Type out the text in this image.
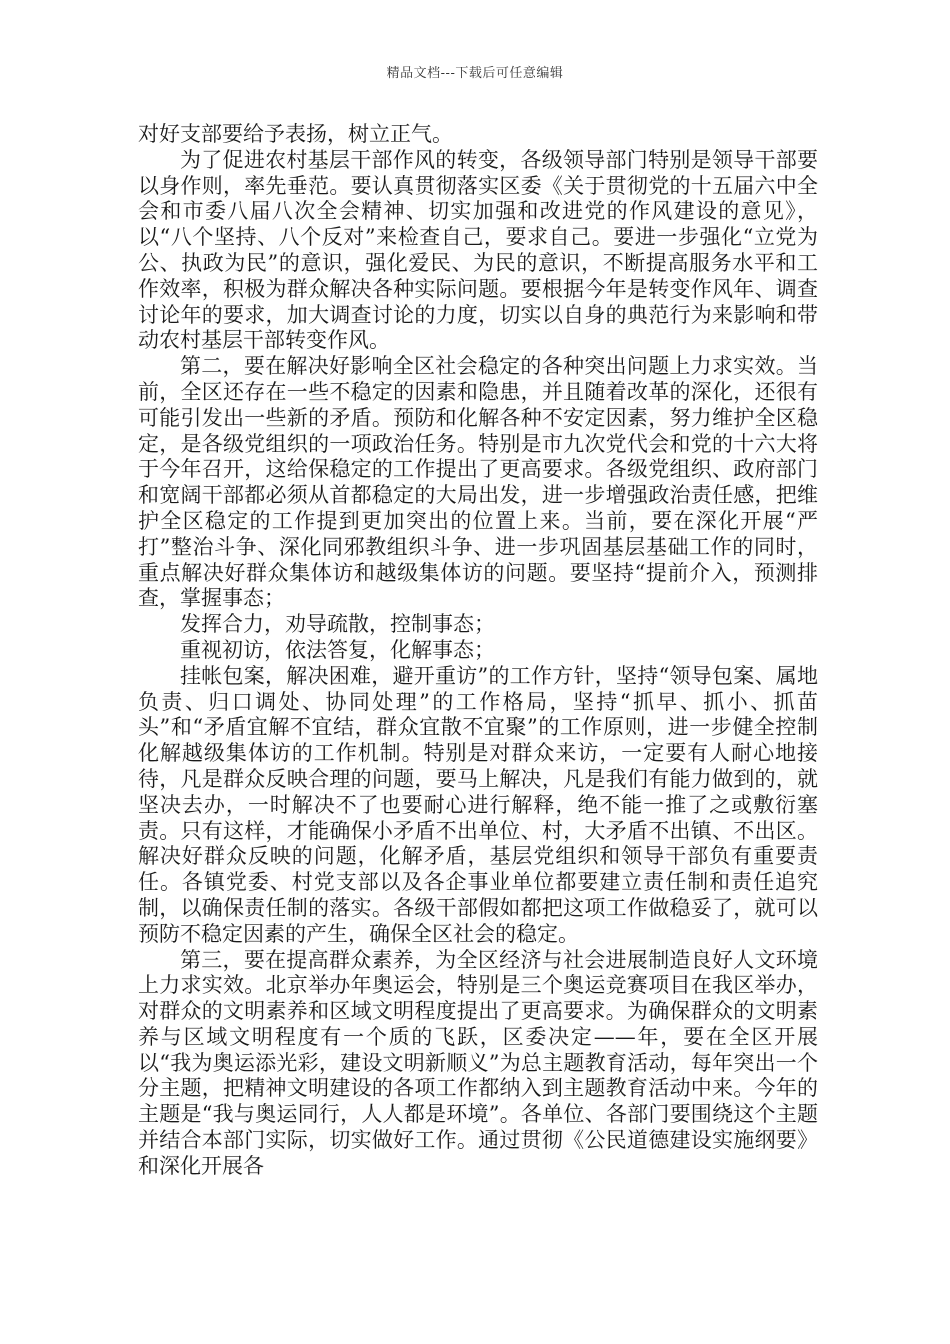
精品文档---下载后可任意编辑

对好支部要给予表扬，树立正气。

为了促进农村基层干部作风的转变，各级领导部门特别是领导干部要以身作则，率先垂范。要认真贯彻落实区委《关于贯彻党的十五届六中全会和市委八届八次全会精神、切实加强和改进党的作风建设的意见》，以“八个坚持、八个反对”来检查自己，要求自己。要进一步强化“立党为公、执政为民”的意识，强化爱民、为民的意识，不断提高服务水平和工作效率，积极为群众解决各种实际问题。要根据今年是转变作风年、调查讨论年的要求，加大调查讨论的力度，切实以自身的典范行为来影响和带动农村基层干部转变作风。

第二，要在解决好影响全区社会稳定的各种突出问题上力求实效。当前，全区还存在一些不稳定的因素和隐患，并且随着改革的深化，还很有可能引发出一些新的矛盾。预防和化解各种不安定因素，努力维护全区稳定，是各级党组织的一项政治任务。特别是市九次党代会和党的十六大将于今年召开，这给保稳定的工作提出了更高要求。各级党组织、政府部门和宽阔干部都必须从首都稳定的大局出发，进一步增强政治责任感，把维护全区稳定的工作提到更加突出的位置上来。当前，要在深化开展“严打”整治斗争、深化同邪教组织斗争、进一步巩固基层基础工作的同时，重点解决好群众集体访和越级集体访的问题。要坚持“提前介入，预测排查，掌握事态；

发挥合力，劝导疏散，控制事态；

重视初访，依法答复，化解事态；

挂帐包案，解决困难，避开重访”的工作方针，坚持“领导包案、属地负责、归口调处、协同处理”的工作格局，坚持“抓早、抓小、抓苗头”和“矛盾宜解不宜结，群众宜散不宜聚”的工作原则，进一步健全控制化解越级集体访的工作机制。特别是对群众来访，一定要有人耐心地接待，凡是群众反映合理的问题，要马上解决，凡是我们有能力做到的，就坚决去办，一时解决不了也要耐心进行解释，绝不能一推了之或敷衍塞责。只有这样，才能确保小矛盾不出单位、村，大矛盾不出镇、不出区。解决好群众反映的问题，化解矛盾，基层党组织和领导干部负有重要责任。各镇党委、村党支部以及各企事业单位都要建立责任制和责任追究制，以确保责任制的落实。各级干部假如都把这项工作做稳妥了，就可以预防不稳定因素的产生，确保全区社会的稳定。

第三，要在提高群众素养，为全区经济与社会进展制造良好人文环境上力求实效。北京举办年奥运会，特别是三个奥运竞赛项目在我区举办，对群众的文明素养和区域文明程度提出了更高要求。为确保群众的文明素养与区域文明程度有一个质的飞跃，区委决定——年，要在全区开展以“我为奥运添光彩，建设文明新顺义”为总主题教育活动，每年突出一个分主题，把精神文明建设的各项工作都纳入到主题教育活动中来。今年的主题是“我与奥运同行，人人都是环境”。各单位、各部门要围绕这个主题并结合本部门实际，切实做好工作。通过贯彻《公民道德建设实施纲要》和深化开展各
